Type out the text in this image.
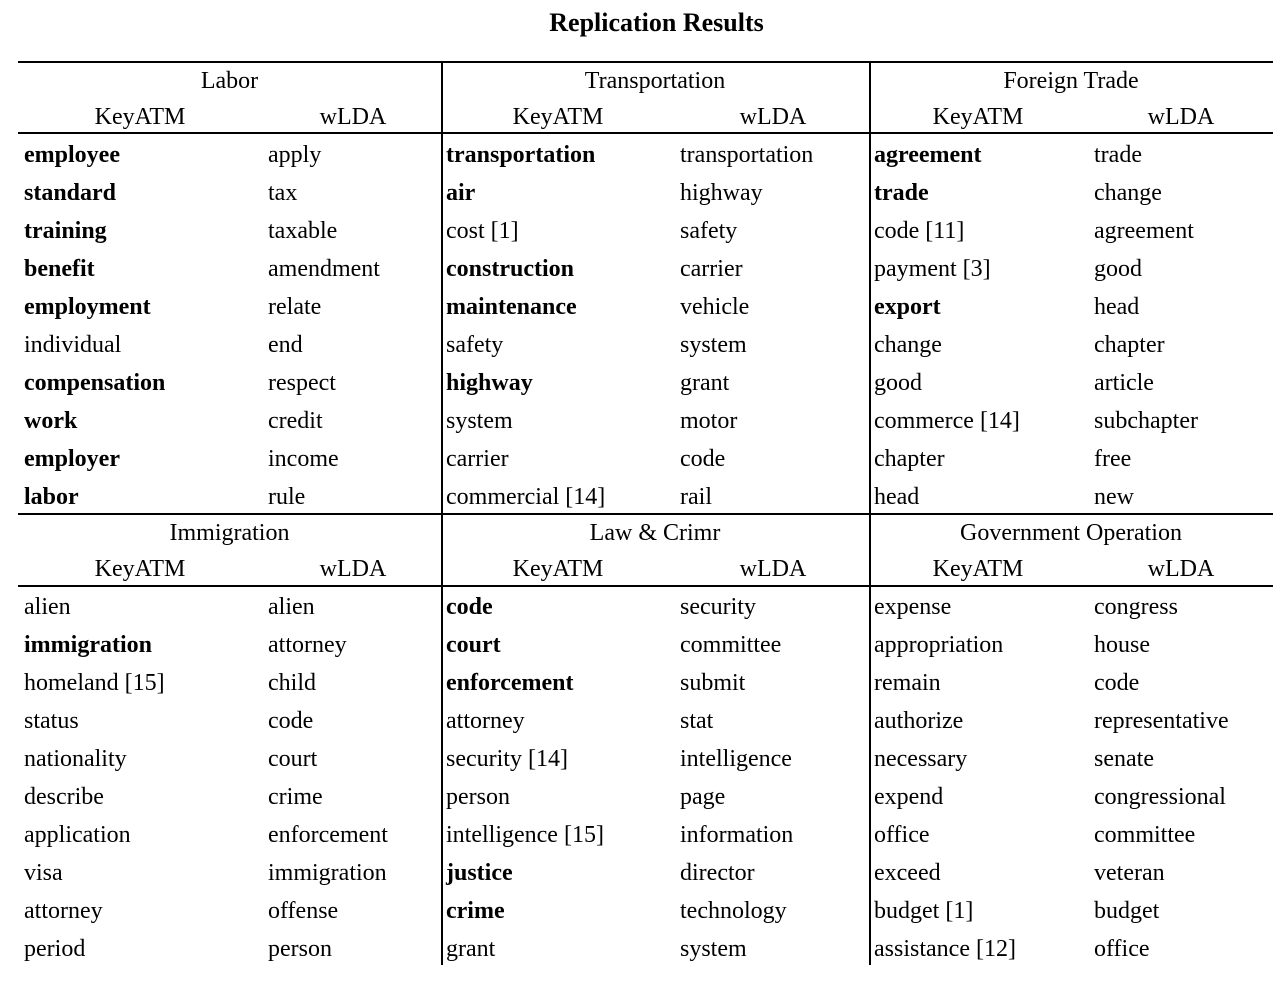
Replication Results
Labor
KeyATM	wLDA
employee	apply
standard	tax
training	taxable
benefit	amendment
employment	relate
individual	end
compensation	respect
work	credit
employer	income
labor	rule
Transportation
KeyATM	wLDA
transportation	transportation
air	highway
cost [1]	safety
construction	carrier
maintenance	vehicle
safety	system
highway	grant
system	motor
carrier	code
commercial [14]	rail
Foreign Trade
KeyATM	wLDA
agreement	trade
trade	change
code [11]	agreement
payment [3]	good
export	head
change	chapter
good	article
commerce [14]	subchapter
chapter	free
head	new
Immigration
KeyATM	wLDA
alien	alien
immigration	attorney
homeland [15]	child
status	code
nationality	court
describe	crime
application	enforcement
visa	immigration
attorney	offense
period	person
Law & Crimr
KeyATM	wLDA
code	security
court	committee
enforcement	submit
attorney	stat
security [14]	intelligence
person	page
intelligence [15]	information
justice	director
crime	technology
grant	system
Government Operation
KeyATM	wLDA
expense	congress
appropriation	house
remain	code
authorize	representative
necessary	senate
expend	congressional
office	committee
exceed	veteran
budget [1]	budget
assistance [12]	office
